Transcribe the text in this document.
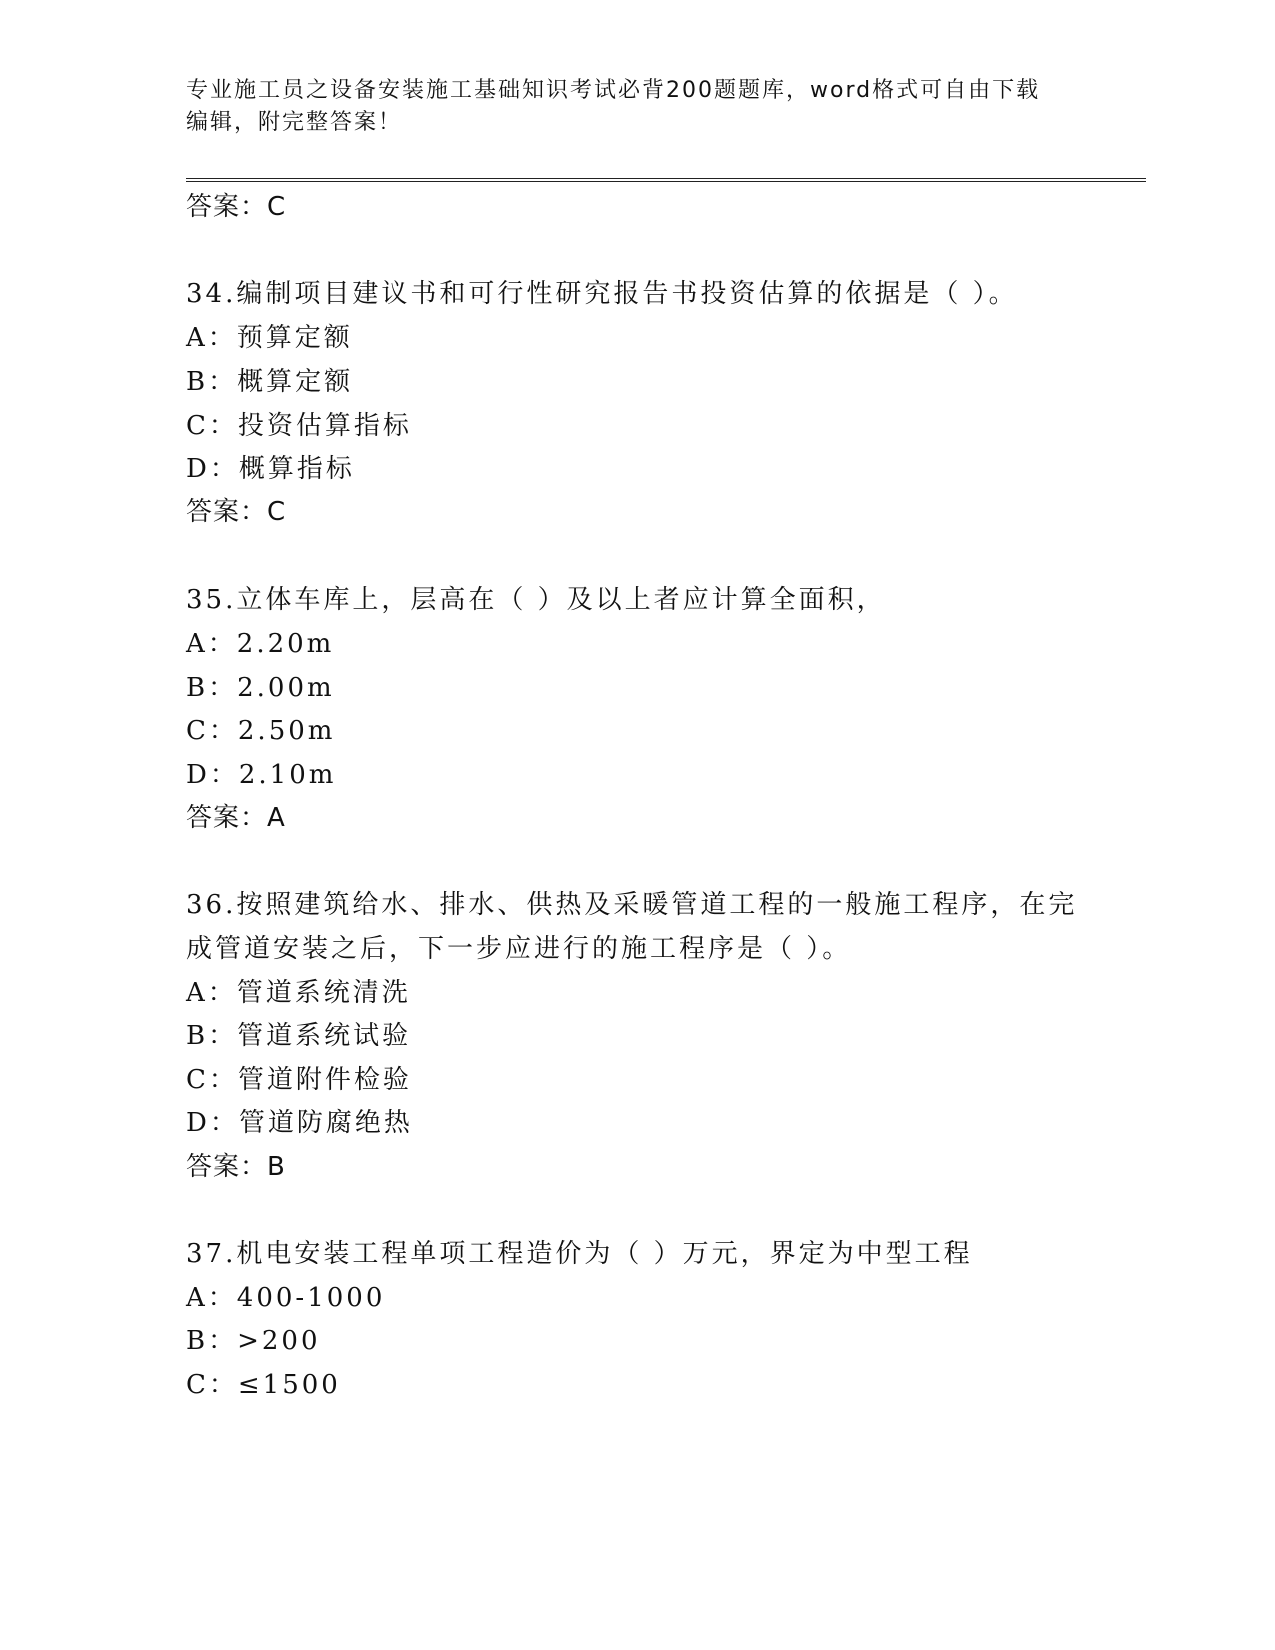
专业施工员之设备安装施工基础知识考试必背200题题库，word格式可自由下载
编辑，附完整答案！
答案：C
34.编制项目建议书和可行性研究报告书投资估算的依据是（ ）。
A：预算定额
B：概算定额
C：投资估算指标
D：概算指标
答案：C
35.立体车库上，层高在（ ）及以上者应计算全面积，
A：2.20m
B：2.00m
C：2.50m
D：2.10m
答案：A
36.按照建筑给水、排水、供热及采暖管道工程的一般施工程序，在完
成管道安装之后，下一步应进行的施工程序是（ ）。
A：管道系统清洗
B：管道系统试验
C：管道附件检验
D：管道防腐绝热
答案：B
37.机电安装工程单项工程造价为（ ）万元，界定为中型工程
A：400-1000
B：>200
C：≤1500
